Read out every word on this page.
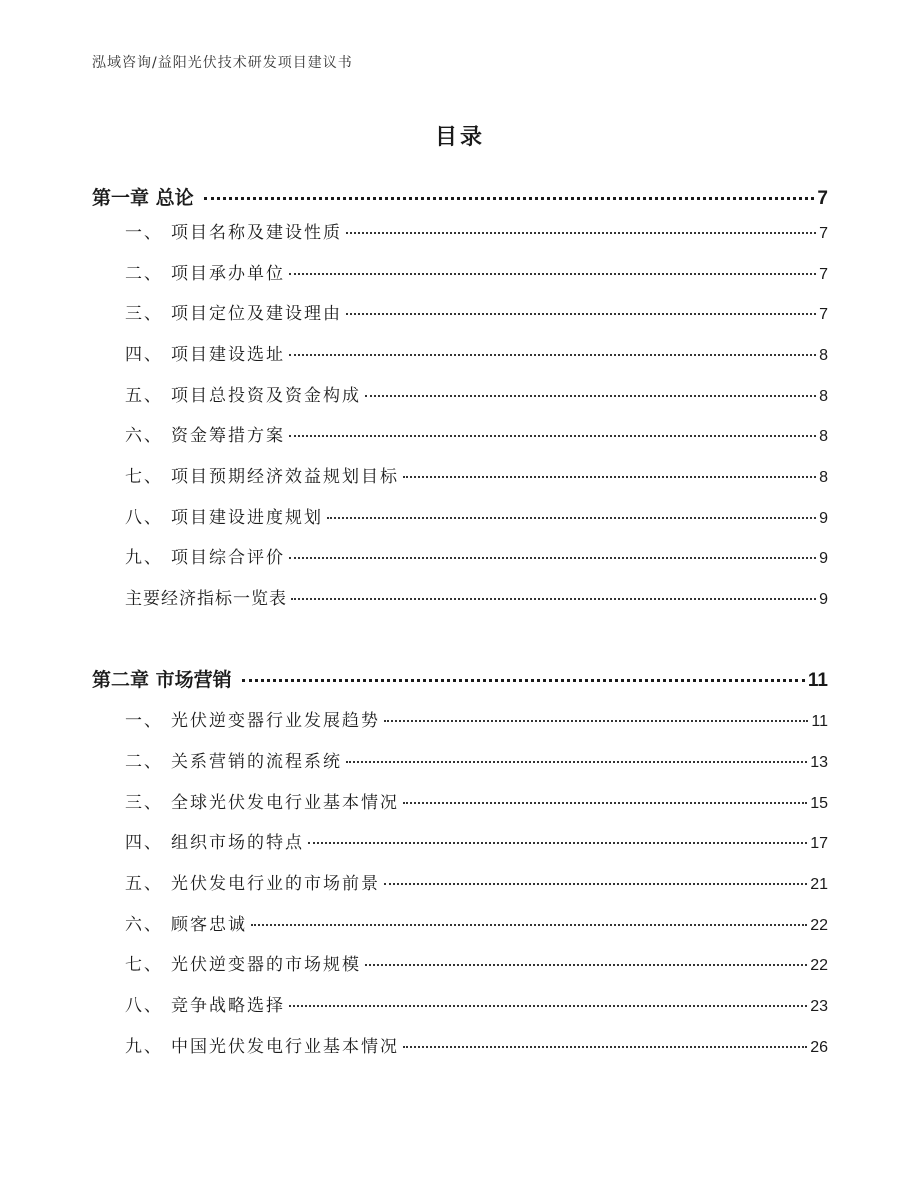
泓域咨询/益阳光伏技术研发项目建议书
目录
第一章 总论	7
一、 项目名称及建设性质	7
二、 项目承办单位	7
三、 项目定位及建设理由	7
四、 项目建设选址	8
五、 项目总投资及资金构成	8
六、 资金筹措方案	8
七、 项目预期经济效益规划目标	8
八、 项目建设进度规划	9
九、 项目综合评价	9
主要经济指标一览表	9
第二章 市场营销	11
一、 光伏逆变器行业发展趋势	11
二、 关系营销的流程系统	13
三、 全球光伏发电行业基本情况	15
四、 组织市场的特点	17
五、 光伏发电行业的市场前景	21
六、 顾客忠诚	22
七、 光伏逆变器的市场规模	22
八、 竞争战略选择	23
九、 中国光伏发电行业基本情况	26
